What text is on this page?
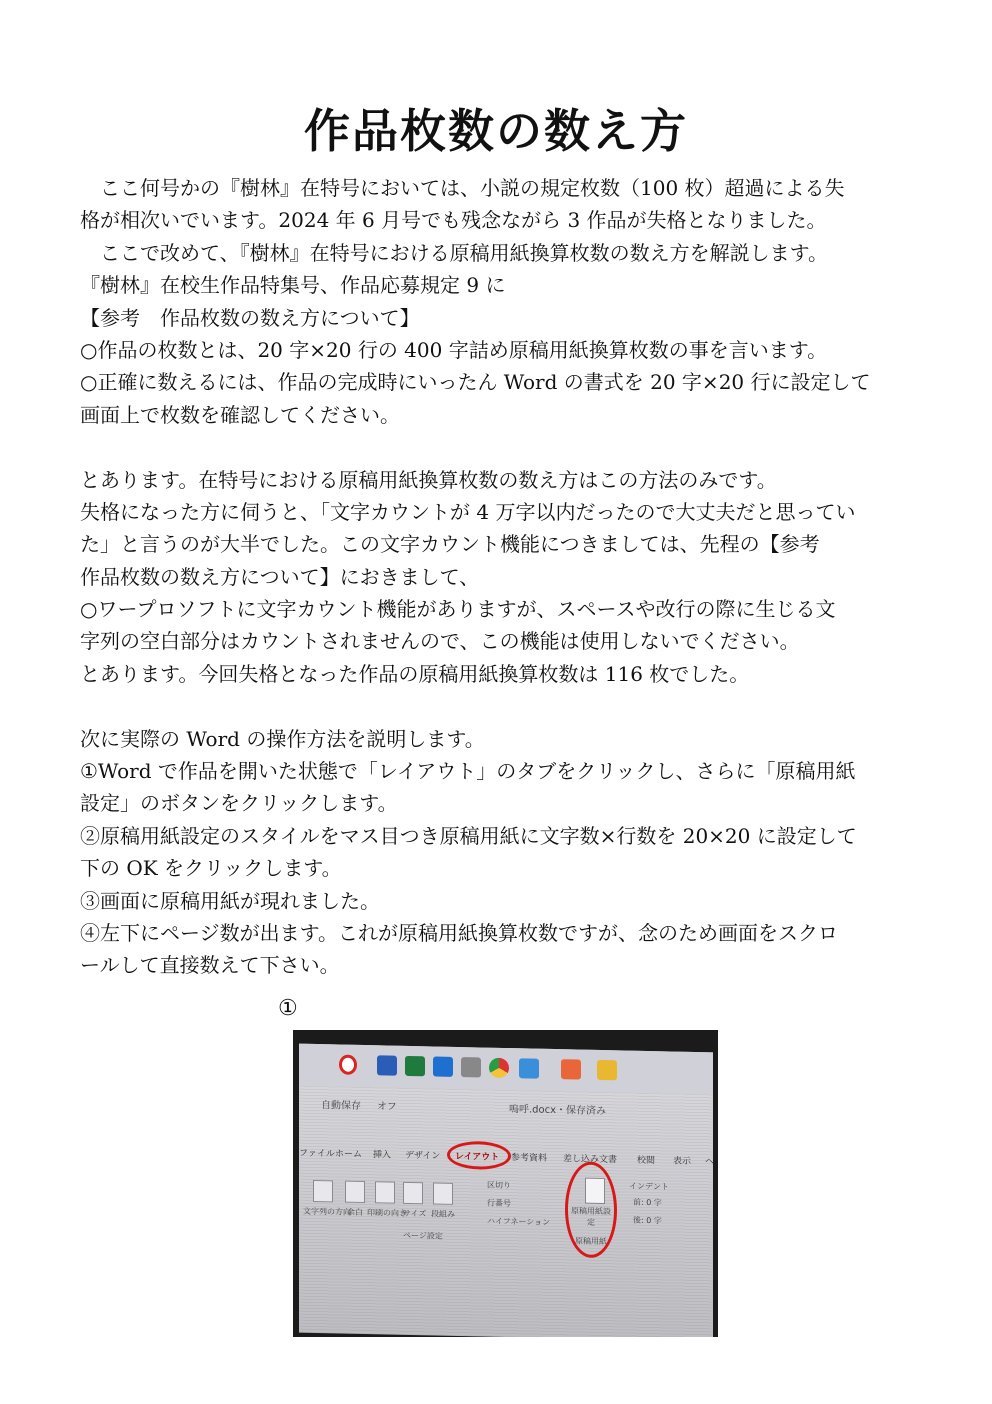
作品枚数の数え方
　ここ何号かの『樹林』在特号においては、小説の規定枚数（100 枚）超過による失
格が相次いでいます。2024 年 6 月号でも残念ながら 3 作品が失格となりました。
　ここで改めて、『樹林』在特号における原稿用紙換算枚数の数え方を解説します。
『樹林』在校生作品特集号、作品応募規定 9 に
【参考　作品枚数の数え方について】
○作品の枚数とは、20 字×20 行の 400 字詰め原稿用紙換算枚数の事を言います。
○正確に数えるには、作品の完成時にいったん Word の書式を 20 字×20 行に設定して
画面上で枚数を確認してください。
とあります。在特号における原稿用紙換算枚数の数え方はこの方法のみです。
失格になった方に伺うと、「文字カウントが 4 万字以内だったので大丈夫だと思ってい
た」と言うのが大半でした。この文字カウント機能につきましては、先程の【参考
作品枚数の数え方について】におきまして、
○ワープロソフトに文字カウント機能がありますが、スペースや改行の際に生じる文
字列の空白部分はカウントされませんので、この機能は使用しないでください。
とあります。今回失格となった作品の原稿用紙換算枚数は 116 枚でした。
次に実際の Word の操作方法を説明します。
①Word で作品を開いた状態で「レイアウト」のタブをクリックし、さらに「原稿用紙
設定」のボタンをクリックします。
②原稿用紙設定のスタイルをマス目つき原稿用紙に文字数×行数を 20×20 に設定して
下の OK をクリックします。
③画面に原稿用紙が現れました。
④左下にページ数が出ます。これが原稿用紙換算枚数ですが、念のため画面をスクロ
ールして直接数えて下さい。
①
自動保存 オフ	嗚呼.docx・保存済み
ファイル ホーム 挿入 デザイン レイアウト 参考資料 差し込み文書 校閲 表示 ヘ
文字列の方向
余白 印刷の向き
サイズ 段組み
区切り
行番号
ハイフネーション
ページ設定
原稿用紙設定
原稿用紙
インデント
前: 0 字
後: 0 字
